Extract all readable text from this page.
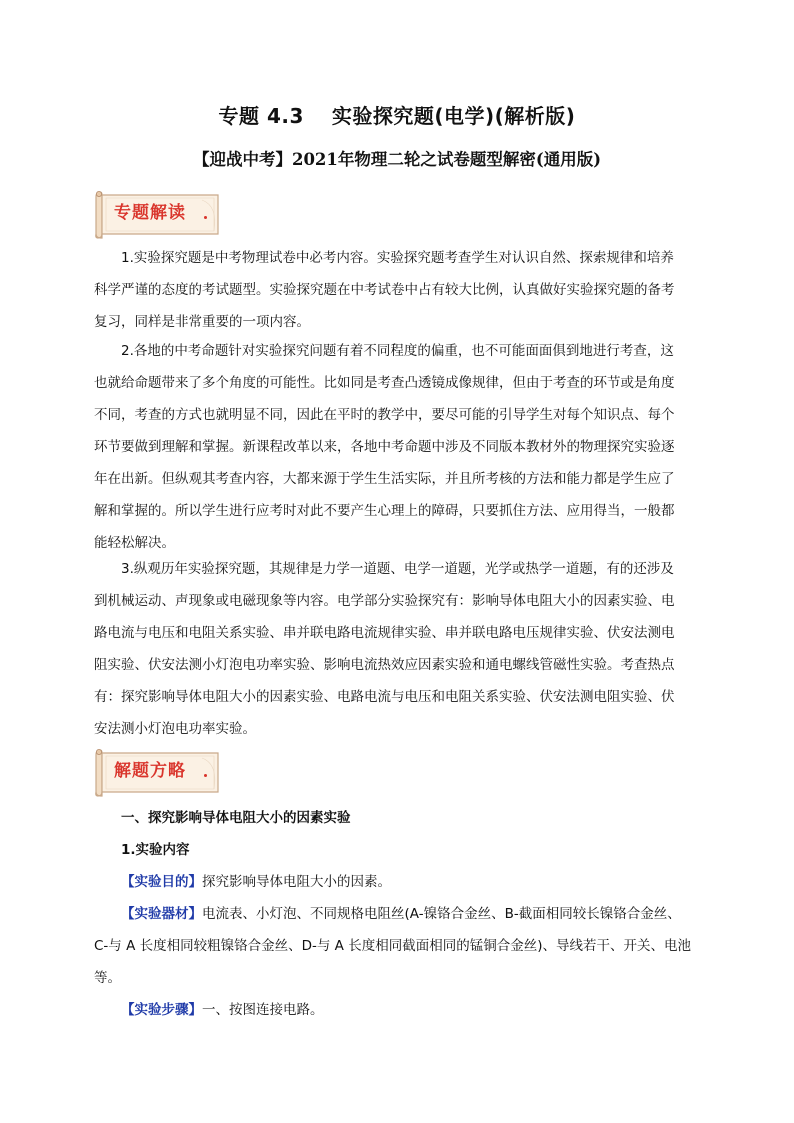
专题 4.3　 实验探究题(电学)(解析版)
【迎战中考】2021年物理二轮之试卷题型解密(通用版)
专题解读
1.实验探究题是中考物理试卷中必考内容。实验探究题考查学生对认识自然、探索规律和培养
科学严谨的态度的考试题型。实验探究题在中考试卷中占有较大比例，认真做好实验探究题的备考
复习，同样是非常重要的一项内容。
2.各地的中考命题针对实验探究问题有着不同程度的偏重，也不可能面面俱到地进行考查，这
也就给命题带来了多个角度的可能性。比如同是考查凸透镜成像规律，但由于考查的环节或是角度
不同，考查的方式也就明显不同，因此在平时的教学中，要尽可能的引导学生对每个知识点、每个
环节要做到理解和掌握。新课程改革以来，各地中考命题中涉及不同版本教材外的物理探究实验逐
年在出新。但纵观其考查内容，大都来源于学生生活实际，并且所考核的方法和能力都是学生应了
解和掌握的。所以学生进行应考时对此不要产生心理上的障碍，只要抓住方法、应用得当，一般都
能轻松解决。
3.纵观历年实验探究题，其规律是力学一道题、电学一道题，光学或热学一道题，有的还涉及
到机械运动、声现象或电磁现象等内容。电学部分实验探究有：影响导体电阻大小的因素实验、电
路电流与电压和电阻关系实验、串并联电路电流规律实验、串并联电路电压规律实验、伏安法测电
阻实验、伏安法测小灯泡电功率实验、影响电流热效应因素实验和通电螺线管磁性实验。考查热点
有：探究影响导体电阻大小的因素实验、电路电流与电压和电阻关系实验、伏安法测电阻实验、伏
安法测小灯泡电功率实验。
解题方略
一、探究影响导体电阻大小的因素实验
1.实验内容
【实验目的】探究影响导体电阻大小的因素。
【实验器材】电流表、小灯泡、不同规格电阻丝(A-镍铬合金丝、B-截面相同较长镍铬合金丝、
C-与 A 长度相同较粗镍铬合金丝、D-与 A 长度相同截面相同的锰铜合金丝)、导线若干、开关、电池
等。
【实验步骤】一、按图连接电路。
